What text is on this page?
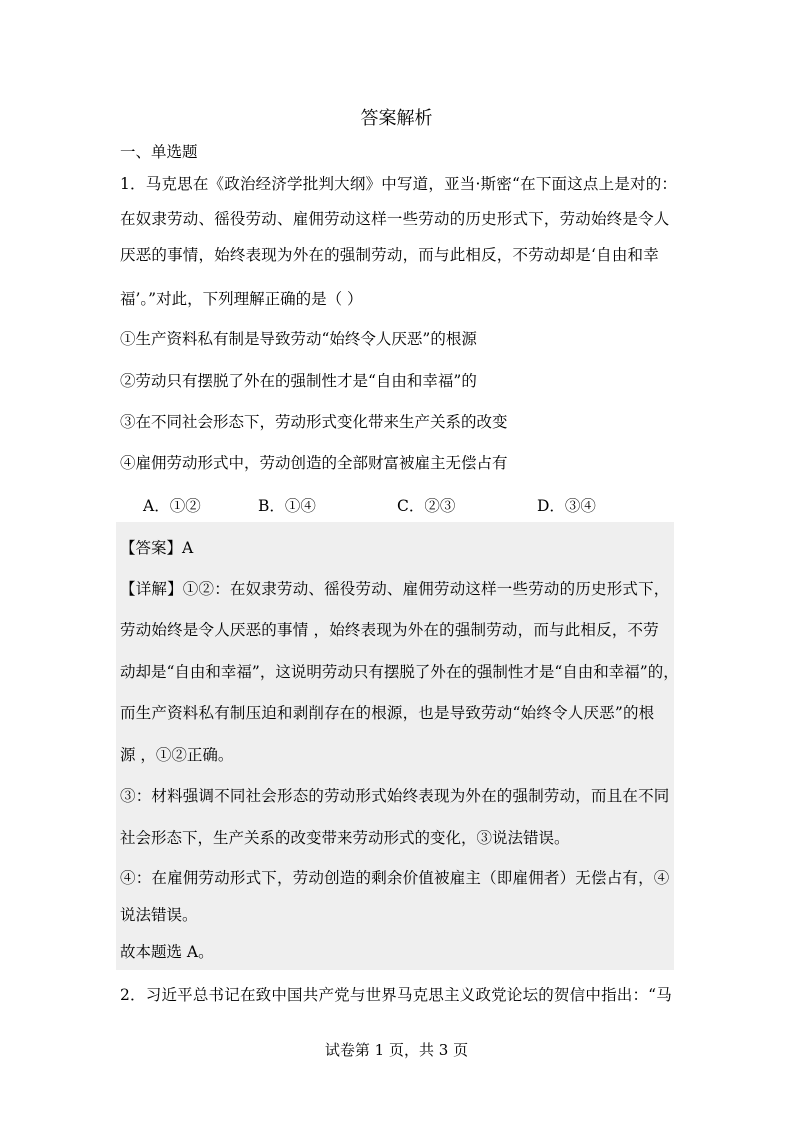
答案解析
一、单选题
1．马克思在《政治经济学批判大纲》中写道，亚当·斯密“在下面这点上是对的：
在奴隶劳动、徭役劳动、雇佣劳动这样一些劳动的历史形式下，劳动始终是令人
厌恶的事情，始终表现为外在的强制劳动，而与此相反，不劳动却是‘自由和幸
福’。”对此，下列理解正确的是（ ）
①生产资料私有制是导致劳动“始终令人厌恶”的根源
②劳动只有摆脱了外在的强制性才是“自由和幸福”的
③在不同社会形态下，劳动形式变化带来生产关系的改变
④雇佣劳动形式中，劳动创造的全部财富被雇主无偿占有
A．①②	B．①④	C．②③	D．③④
【答案】A
【详解】①②：在奴隶劳动、徭役劳动、雇佣劳动这样一些劳动的历史形式下，
劳动始终是令人厌恶的事情 ，始终表现为外在的强制劳动，而与此相反，不劳
动却是“自由和幸福”，这说明劳动只有摆脱了外在的强制性才是“自由和幸福”的，
而生产资料私有制压迫和剥削存在的根源，也是导致劳动“始终令人厌恶”的根
源 ，①②正确。
③：材料强调不同社会形态的劳动形式始终表现为外在的强制劳动，而且在不同
社会形态下，生产关系的改变带来劳动形式的变化，③说法错误。
④：在雇佣劳动形式下，劳动创造的剩余价值被雇主（即雇佣者）无偿占有，④
说法错误。
故本题选 A。
2．习近平总书记在致中国共产党与世界马克思主义政党论坛的贺信中指出：“马
试卷第 1 页，共 3 页
